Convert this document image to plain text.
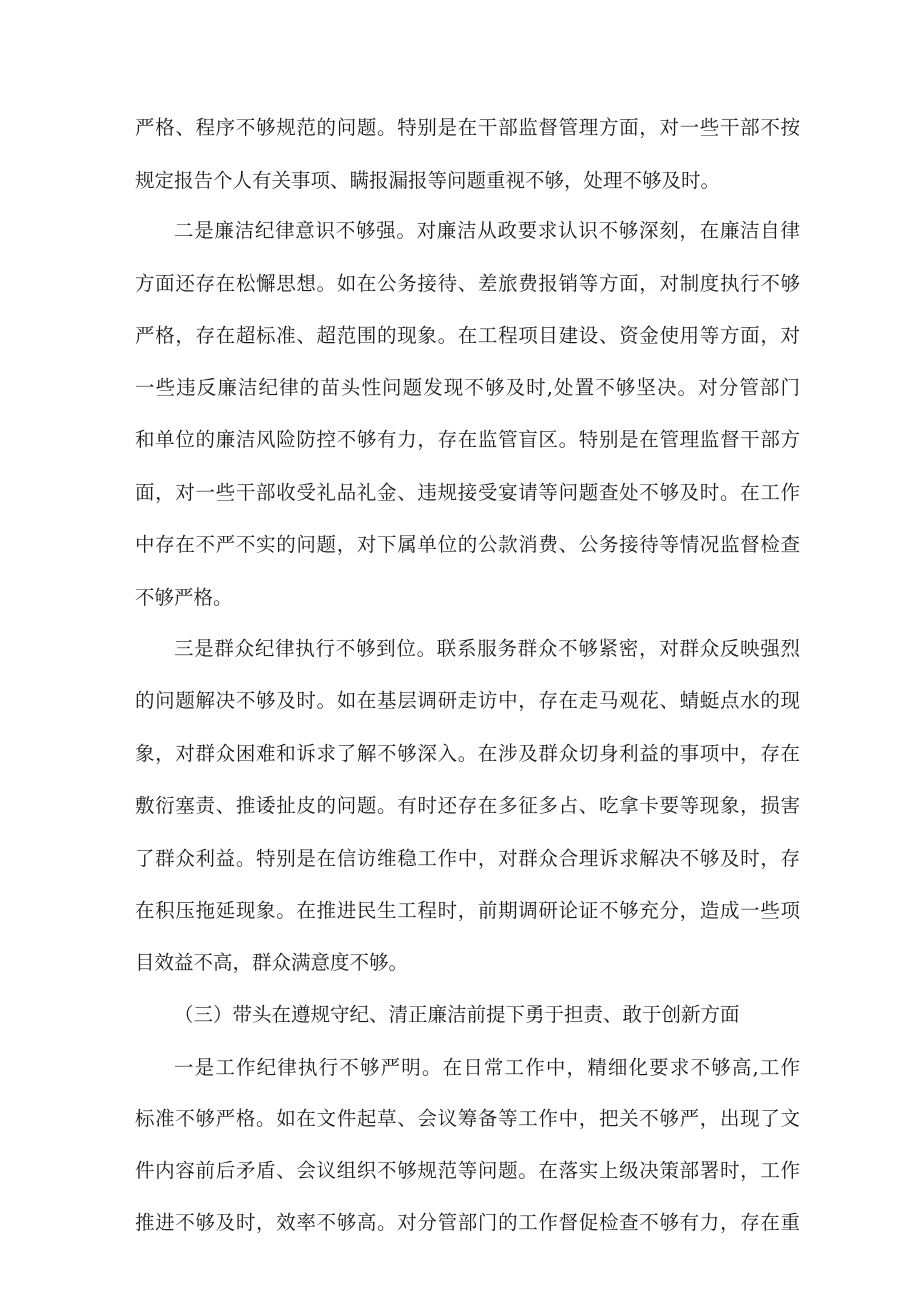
严格、程序不够规范的问题。特别是在干部监督管理方面，对一些干部不按
规定报告个人有关事项、瞒报漏报等问题重视不够，处理不够及时。
二是廉洁纪律意识不够强。对廉洁从政要求认识不够深刻，在廉洁自律
方面还存在松懈思想。如在公务接待、差旅费报销等方面，对制度执行不够
严格，存在超标准、超范围的现象。在工程项目建设、资金使用等方面，对
一些违反廉洁纪律的苗头性问题发现不够及时,处置不够坚决。对分管部门
和单位的廉洁风险防控不够有力，存在监管盲区。特别是在管理监督干部方
面，对一些干部收受礼品礼金、违规接受宴请等问题查处不够及时。在工作
中存在不严不实的问题，对下属单位的公款消费、公务接待等情况监督检查
不够严格。
三是群众纪律执行不够到位。联系服务群众不够紧密，对群众反映强烈
的问题解决不够及时。如在基层调研走访中，存在走马观花、蜻蜓点水的现
象，对群众困难和诉求了解不够深入。在涉及群众切身利益的事项中，存在
敷衍塞责、推诿扯皮的问题。有时还存在多征多占、吃拿卡要等现象，损害
了群众利益。特别是在信访维稳工作中，对群众合理诉求解决不够及时，存
在积压拖延现象。在推进民生工程时，前期调研论证不够充分，造成一些项
目效益不高，群众满意度不够。
（三）带头在遵规守纪、清正廉洁前提下勇于担责、敢于创新方面
一是工作纪律执行不够严明。在日常工作中，精细化要求不够高,工作
标准不够严格。如在文件起草、会议筹备等工作中，把关不够严，出现了文
件内容前后矛盾、会议组织不够规范等问题。在落实上级决策部署时，工作
推进不够及时，效率不够高。对分管部门的工作督促检查不够有力，存在重
